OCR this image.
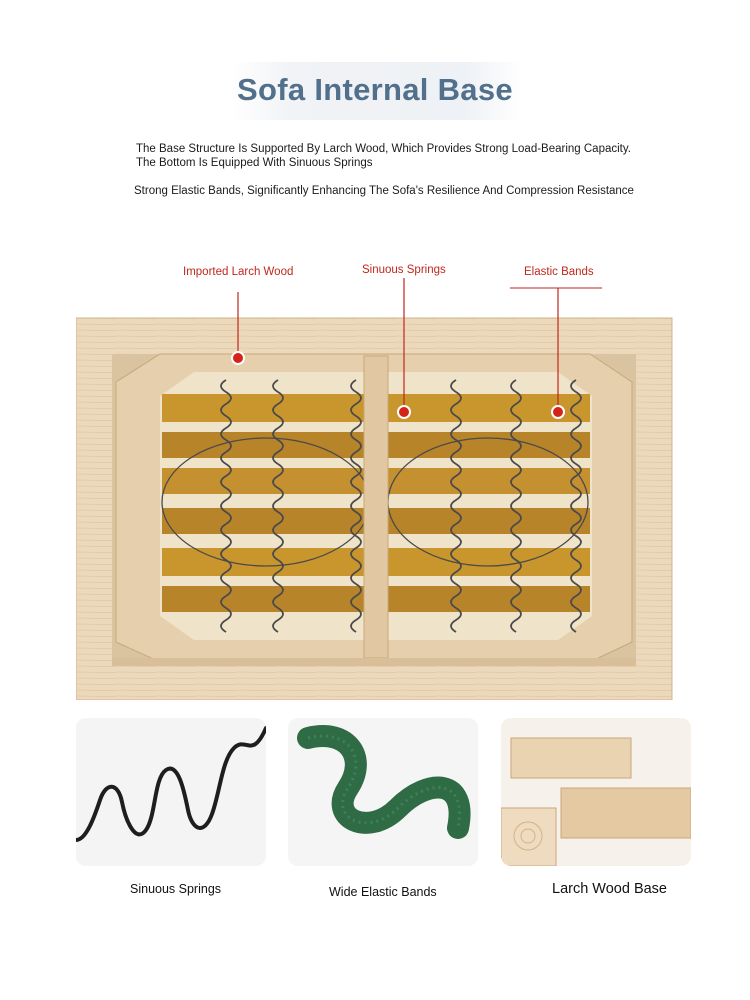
Sofa Internal Base
The Base Structure Is Supported By Larch Wood, Which Provides Strong Load-Bearing Capacity.
The Bottom Is Equipped With Sinuous Springs
Strong Elastic Bands, Significantly Enhancing The Sofa's Resilience And Compression Resistance
Imported Larch Wood	Sinuous Springs	Elastic Bands
Sinuous Springs	Wide Elastic Bands	Larch Wood Base
